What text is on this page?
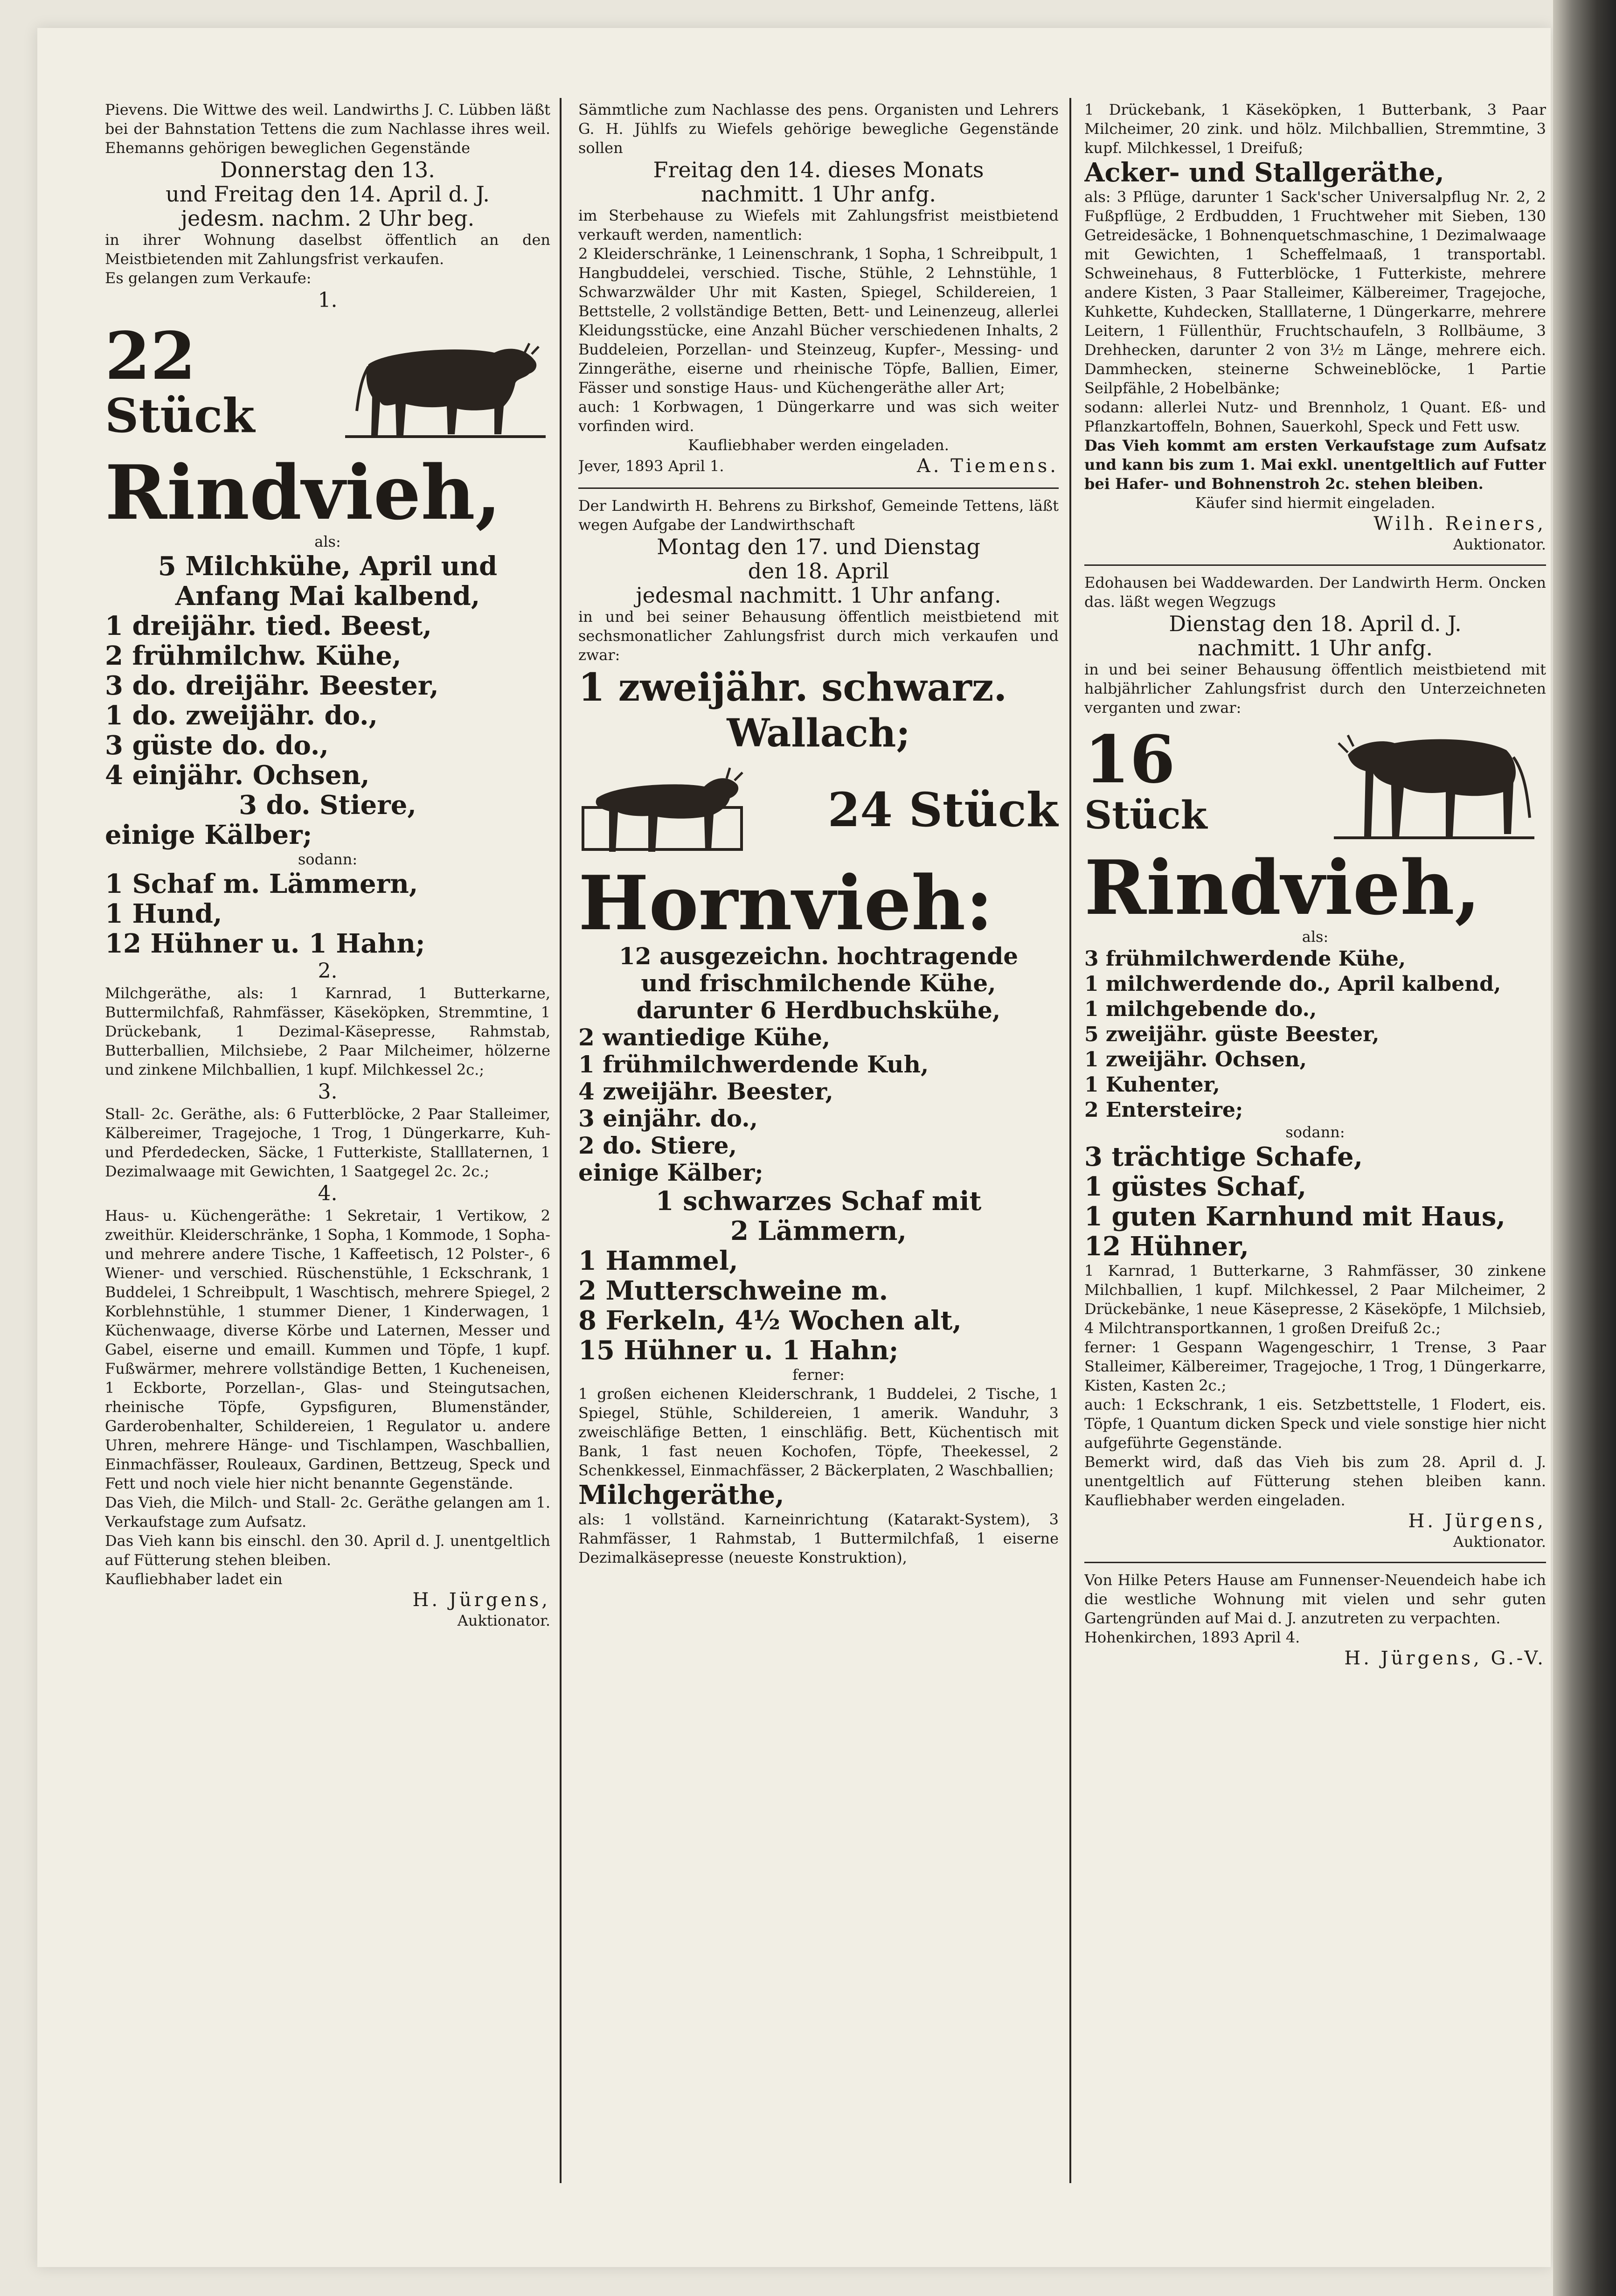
Pievens. Die Wittwe des weil. Landwirths J. C. Lübben läßt bei der Bahnstation Tettens die zum Nachlasse ihres weil. Ehemanns gehörigen beweglichen Gegenstände

Donnerstag den 13.

und Freitag den 14. April d. J.

jedesm. nachm. 2 Uhr beg.

in ihrer Wohnung daselbst öffentlich an den Meistbietenden mit Zahlungsfrist verkaufen.

Es gelangen zum Verkaufe:

1.

22
Stück

Rindvieh,

als:

5 Milchkühe, April und Anfang Mai kalbend,

1 dreijähr. tied. Beest,

2 frühmilchw. Kühe,

3 do. dreijähr. Beester,

1 do. zweijähr. do.,

3 güste do. do.,

4 einjähr. Ochsen,

3 do. Stiere,

einige Kälber;

sodann:

1 Schaf m. Lämmern,

1 Hund,

12 Hühner u. 1 Hahn;

2.

Milchgeräthe, als: 1 Karnrad, 1 Butterkarne, Buttermilchfaß, Rahmfässer, Käseköpken, Stremmtine, 1 Drückebank, 1 Dezimal-Käsepresse, Rahmstab, Butterballien, Milchsiebe, 2 Paar Milcheimer, hölzerne und zinkene Milchballien, 1 kupf. Milchkessel 2c.;

3.

Stall- 2c. Geräthe, als: 6 Futterblöcke, 2 Paar Stalleimer, Kälbereimer, Tragejoche, 1 Trog, 1 Düngerkarre, Kuh- und Pferdedecken, Säcke, 1 Futterkiste, Stalllaternen, 1 Dezimalwaage mit Gewichten, 1 Saatgegel 2c. 2c.;

4.

Haus- u. Küchengeräthe: 1 Sekretair, 1 Vertikow, 2 zweithür. Kleiderschränke, 1 Sopha, 1 Kommode, 1 Sopha- und mehrere andere Tische, 1 Kaffeetisch, 12 Polster-, 6 Wiener- und verschied. Rüschenstühle, 1 Eckschrank, 1 Buddelei, 1 Schreibpult, 1 Waschtisch, mehrere Spiegel, 2 Korblehnstühle, 1 stummer Diener, 1 Kinderwagen, 1 Küchenwaage, diverse Körbe und Laternen, Messer und Gabel, eiserne und emaill. Kummen und Töpfe, 1 kupf. Fußwärmer, mehrere vollständige Betten, 1 Kucheneisen, 1 Eckborte, Porzellan-, Glas- und Steingutsachen, rheinische Töpfe, Gypsfiguren, Blumenständer, Garderobenhalter, Schildereien, 1 Regulator u. andere Uhren, mehrere Hänge- und Tischlampen, Waschballien, Einmachfässer, Rouleaux, Gardinen, Bettzeug, Speck und Fett und noch viele hier nicht benannte Gegenstände.

Das Vieh, die Milch- und Stall- 2c. Geräthe gelangen am 1. Verkaufstage zum Aufsatz.

Das Vieh kann bis einschl. den 30. April d. J. unentgeltlich auf Fütterung stehen bleiben.

Kaufliebhaber ladet ein

H. Jürgens,

Auktionator.

Sämmtliche zum Nachlasse des pens. Organisten und Lehrers G. H. Jühlfs zu Wiefels gehörige bewegliche Gegenstände sollen

Freitag den 14. dieses Monats

nachmitt. 1 Uhr anfg.

im Sterbehause zu Wiefels mit Zahlungsfrist meistbietend verkauft werden, namentlich:

2 Kleiderschränke, 1 Leinenschrank, 1 Sopha, 1 Schreibpult, 1 Hangbuddelei, verschied. Tische, Stühle, 2 Lehnstühle, 1 Schwarzwälder Uhr mit Kasten, Spiegel, Schildereien, 1 Bettstelle, 2 vollständige Betten, Bett- und Leinenzeug, allerlei Kleidungsstücke, eine Anzahl Bücher verschiedenen Inhalts, 2 Buddeleien, Porzellan- und Steinzeug, Kupfer-, Messing- und Zinngeräthe, eiserne und rheinische Töpfe, Ballien, Eimer, Fässer und sonstige Haus- und Küchengeräthe aller Art;

auch: 1 Korbwagen, 1 Düngerkarre und was sich weiter vorfinden wird.

Kaufliebhaber werden eingeladen.

Jever, 1893 April 1.	A. Tiemens.

Der Landwirth H. Behrens zu Birkshof, Gemeinde Tettens, läßt wegen Aufgabe der Landwirthschaft

Montag den 17. und Dienstag

den 18. April

jedesmal nachmitt. 1 Uhr anfang.

in und bei seiner Behausung öffentlich meistbietend mit sechsmonatlicher Zahlungsfrist durch mich verkaufen und zwar:

1 zweijähr. schwarz.

Wallach;

24 Stück

Hornvieh:

12 ausgezeichn. hochtragende

und frischmilchende Kühe,

darunter 6 Herdbuchskühe,

2 wantiedige Kühe,

1 frühmilchwerdende Kuh,

4 zweijähr. Beester,

3 einjähr. do.,

2 do. Stiere,

einige Kälber;

1 schwarzes Schaf mit

2 Lämmern,

1 Hammel,

2 Mutterschweine m.

8 Ferkeln, 4½ Wochen alt,

15 Hühner u. 1 Hahn;

ferner:

1 großen eichenen Kleiderschrank, 1 Buddelei, 2 Tische, 1 Spiegel, Stühle, Schildereien, 1 amerik. Wanduhr, 3 zweischläfige Betten, 1 einschläfig. Bett, Küchentisch mit Bank, 1 fast neuen Kochofen, Töpfe, Theekessel, 2 Schenkkessel, Einmachfässer, 2 Bäckerplaten, 2 Waschballien;

Milchgeräthe,

als: 1 vollständ. Karneinrichtung (Katarakt-System), 3 Rahmfässer, 1 Rahmstab, 1 Buttermilchfaß, 1 eiserne Dezimalkäsepresse (neueste Konstruktion),

1 Drückebank, 1 Käseköpken, 1 Butterbank, 3 Paar Milcheimer, 20 zink. und hölz. Milchballien, Stremmtine, 3 kupf. Milchkessel, 1 Dreifuß;

Acker- und Stallgeräthe,

als: 3 Pflüge, darunter 1 Sack'scher Universalpflug Nr. 2, 2 Fußpflüge, 2 Erdbudden, 1 Fruchtweher mit Sieben, 130 Getreidesäcke, 1 Bohnenquetschmaschine, 1 Dezimalwaage mit Gewichten, 1 Scheffelmaaß, 1 transportabl. Schweinehaus, 8 Futterblöcke, 1 Futterkiste, mehrere andere Kisten, 3 Paar Stalleimer, Kälbereimer, Tragejoche, Kuhkette, Kuhdecken, Stalllaterne, 1 Düngerkarre, mehrere Leitern, 1 Füllenthür, Fruchtschaufeln, 3 Rollbäume, 3 Drehhecken, darunter 2 von 3½ m Länge, mehrere eich. Dammhecken, steinerne Schweineblöcke, 1 Partie Seilpfähle, 2 Hobelbänke;

sodann: allerlei Nutz- und Brennholz, 1 Quant. Eß- und Pflanzkartoffeln, Bohnen, Sauerkohl, Speck und Fett usw.

Das Vieh kommt am ersten Verkaufstage zum Aufsatz und kann bis zum 1. Mai exkl. unentgeltlich auf Futter bei Hafer- und Bohnenstroh 2c. stehen bleiben.

Käufer sind hiermit eingeladen.

Wilh. Reiners,

Auktionator.

Edohausen bei Waddewarden. Der Landwirth Herm. Oncken das. läßt wegen Wegzugs

Dienstag den 18. April d. J.

nachmitt. 1 Uhr anfg.

in und bei seiner Behausung öffentlich meistbietend mit halbjährlicher Zahlungsfrist durch den Unterzeichneten verganten und zwar:

16
Stück

Rindvieh,

als:

3 frühmilchwerdende Kühe,

1 milchwerdende do., April kalbend,

1 milchgebende do.,

5 zweijähr. güste Beester,

1 zweijähr. Ochsen,

1 Kuhenter,

2 Entersteire;

sodann:

3 trächtige Schafe,

1 güstes Schaf,

1 guten Karnhund mit Haus,

12 Hühner,

1 Karnrad, 1 Butterkarne, 3 Rahmfässer, 30 zinkene Milchballien, 1 kupf. Milchkessel, 2 Paar Milcheimer, 2 Drückebänke, 1 neue Käsepresse, 2 Käseköpfe, 1 Milchsieb, 4 Milchtransportkannen, 1 großen Dreifuß 2c.;

ferner: 1 Gespann Wagengeschirr, 1 Trense, 3 Paar Stalleimer, Kälbereimer, Tragejoche, 1 Trog, 1 Düngerkarre, Kisten, Kasten 2c.;

auch: 1 Eckschrank, 1 eis. Setzbettstelle, 1 Flodert, eis. Töpfe, 1 Quantum dicken Speck und viele sonstige hier nicht aufgeführte Gegenstände.

Bemerkt wird, daß das Vieh bis zum 28. April d. J. unentgeltlich auf Fütterung stehen bleiben kann. Kaufliebhaber werden eingeladen.

H. Jürgens,

Auktionator.

Von Hilke Peters Hause am Funnenser-Neuendeich habe ich die westliche Wohnung mit vielen und sehr guten Gartengründen auf Mai d. J. anzutreten zu verpachten.

Hohenkirchen, 1893 April 4.

H. Jürgens, G.-V.
